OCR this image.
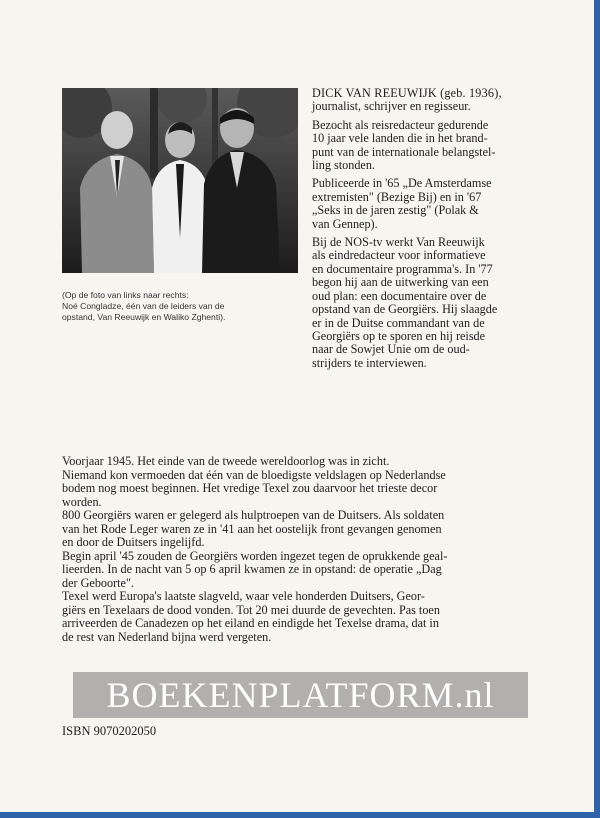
(Op de foto van links naar rechts:
Noé Congladze, één van de leiders van de
opstand, Van Reeuwijk en Waliko Zghenti).

DICK VAN REEUWIJK (geb. 1936),
journalist, schrijver en regisseur.

Bezocht als reisredacteur gedurende
10 jaar vele landen die in het brand-
punt van de internationale belangstel-
ling stonden.

Publiceerde in '65 „De Amsterdamse
extremisten" (Bezige Bij) en in '67
„Seks in de jaren zestig" (Polak &
van Gennep).

Bij de NOS-tv werkt Van Reeuwijk
als eindredacteur voor informatieve
en documentaire programma's. In '77
begon hij aan de uitwerking van een
oud plan: een documentaire over de
opstand van de Georgiërs. Hij slaagde
er in de Duitse commandant van de
Georgiërs op te sporen en hij reisde
naar de Sowjet Unie om de oud-
strijders te interviewen.

Voorjaar 1945. Het einde van de tweede wereldoorlog was in zicht.
Niemand kon vermoeden dat één van de bloedigste veldslagen op Nederlandse
bodem nog moest beginnen. Het vredige Texel zou daarvoor het trieste decor
worden.
800 Georgiërs waren er gelegerd als hulptroepen van de Duitsers. Als soldaten
van het Rode Leger waren ze in '41 aan het oostelijk front gevangen genomen
en door de Duitsers ingelijfd.
Begin april '45 zouden de Georgiërs worden ingezet tegen de oprukkende geal-
lieerden. In de nacht van 5 op 6 april kwamen ze in opstand: de operatie „Dag
der Geboorte".
Texel werd Europa's laatste slagveld, waar vele honderden Duitsers, Geor-
giërs en Texelaars de dood vonden. Tot 20 mei duurde de gevechten. Pas toen
arriveerden de Canadezen op het eiland en eindigde het Texelse drama, dat in
de rest van Nederland bijna werd vergeten.
BOEKENPLATFORM.nl
ISBN 9070202050
